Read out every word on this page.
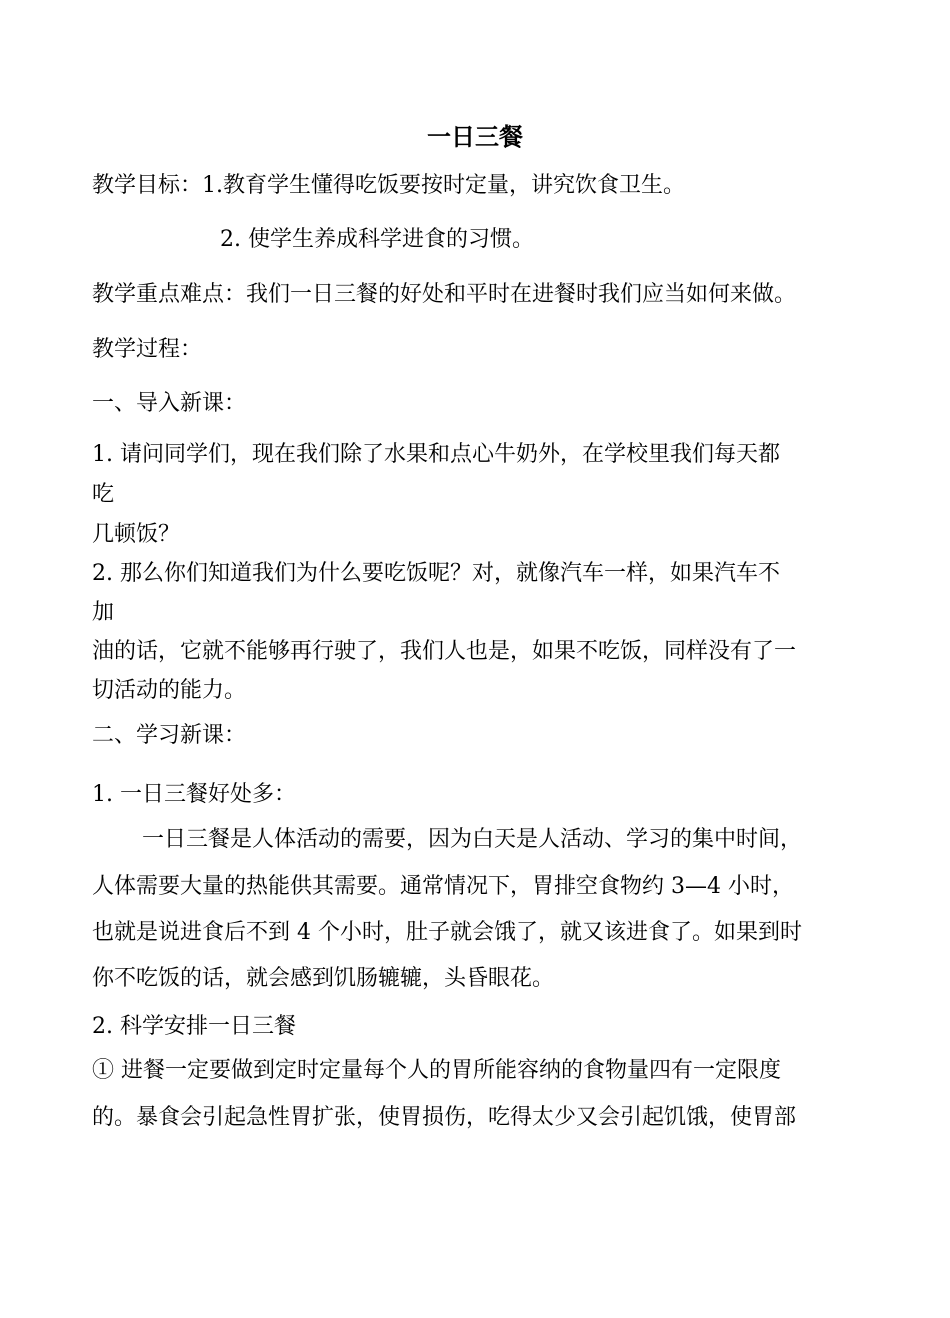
一日三餐

教学目标：1.教育学生懂得吃饭要按时定量，讲究饮食卫生。

2. 使学生养成科学进食的习惯。

教学重点难点：我们一日三餐的好处和平时在进餐时我们应当如何来做。

教学过程：

一、导入新课：

1. 请问同学们，现在我们除了水果和点心牛奶外，在学校里我们每天都

吃

几顿饭？

2. 那么你们知道我们为什么要吃饭呢？对，就像汽车一样，如果汽车不

加

油的话，它就不能够再行驶了，我们人也是，如果不吃饭，同样没有了一

切活动的能力。

二、学习新课：

1. 一日三餐好处多：

一日三餐是人体活动的需要，因为白天是人活动、学习的集中时间，

人体需要大量的热能供其需要。通常情况下，胃排空食物约 3—4 小时，

也就是说进食后不到 4 个小时，肚子就会饿了，就又该进食了。如果到时

你不吃饭的话，就会感到饥肠辘辘，头昏眼花。

2. 科学安排一日三餐

① 进餐一定要做到定时定量每个人的胃所能容纳的食物量四有一定限度

的。暴食会引起急性胃扩张，使胃损伤，吃得太少又会引起饥饿，使胃部
